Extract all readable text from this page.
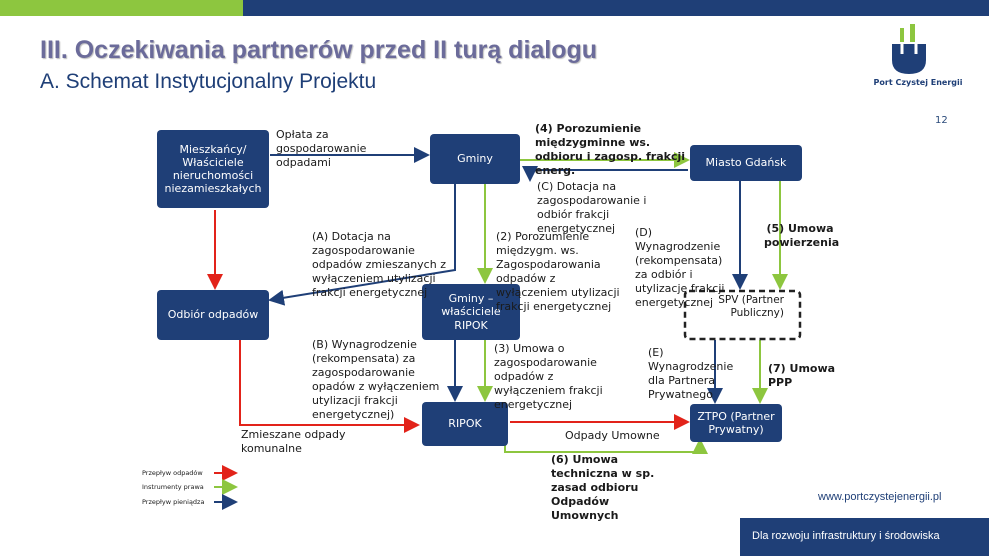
III. Oczekiwania partnerów przed II turą dialogu
A. Schemat Instytucjonalny Projektu
12
Port Czystej Energii
Mieszkańcy/ Właściciele nieruchomości niezamieszkałych
Gminy	Miasto Gdańsk
Odbiór odpadów
Gminy – właściciele RIPOK
RIPOK
ZTPO (Partner Prywatny)
SPV (Partner Publiczny)
Opłata za gospodarowanie odpadami
(A) Dotacja na zagospodarowanie odpadów zmieszanych z wyłączeniem utylizacji frakcji energetycznej
(B) Wynagrodzenie (rekompensata) za zagospodarowanie opadów z wyłączeniem utylizacji frakcji energetycznej)
Zmieszane odpady komunalne
(4) Porozumienie międzygminne ws. odbioru i zagosp. frakcji energ.
(C) Dotacja na zagospodarowanie i odbiór frakcji energetycznej
(2) Porozumienie międzygm. ws. Zagospodarowania odpadów z wyłączeniem utylizacji frakcji energetycznej
(D) Wynagrodzenie (rekompensata) za odbiór i utylizację frakcji energetycznej
(5) Umowa powierzenia
(3) Umowa o zagospodarowanie odpadów z wyłączeniem frakcji energetycznej
(E) Wynagrodzenie dla Partnera Prywatnego
(7) Umowa PPP
Odpady Umowne
(6) Umowa techniczna w sp. zasad odbioru Odpadów Umownych
Przepływ odpadów
Instrumenty prawa
Przepływ pieniądza	www.portczystejenergii.pl
Dla rozwoju infrastruktury i środowiska
